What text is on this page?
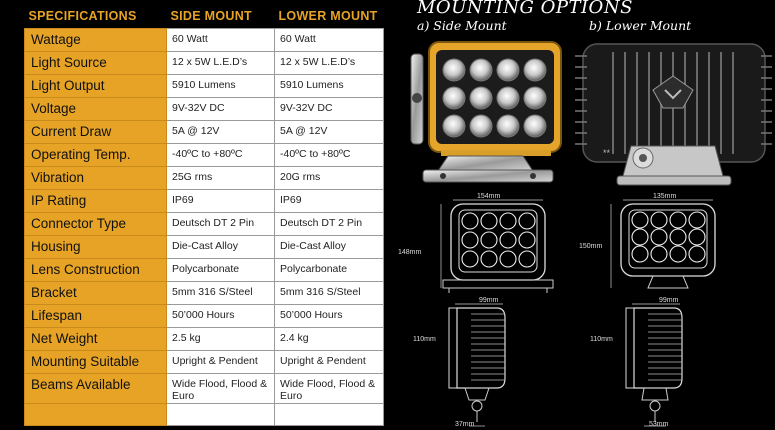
SPECIFICATIONS	SIDE MOUNT	LOWER MOUNT
Wattage	60 Watt	60 Watt
Light Source	12 x 5W L.E.D’s	12 x 5W L.E.D’s
Light Output	5910 Lumens	5910 Lumens
Voltage	9V-32V DC	9V-32V DC
Current Draw	5A @ 12V	5A @ 12V
Operating Temp.	-40ºC to +80ºC	-40ºC to +80ºC
Vibration	25G rms	20G rms
IP Rating	IP69	IP69
Connector Type	Deutsch DT 2 Pin	Deutsch DT 2 Pin
Housing	Die-Cast Alloy	Die-Cast Alloy
Lens Construction	Polycarbonate	Polycarbonate
Bracket	5mm 316 S/Steel	5mm 316 S/Steel
Lifespan	50’000 Hours	50’000 Hours
Net Weight	2.5 kg	2.4 kg
Mounting Suitable	Upright & Pendent	Upright & Pendent
Beams Available	Wide Flood, Flood & Euro	Wide Flood, Flood & Euro

MOUNTING OPTIONS
a) Side Mount	b) Lower Mount
**
154mm
148mm
135mm
150mm
99mm
110mm
37mm
99mm
110mm
53mm
